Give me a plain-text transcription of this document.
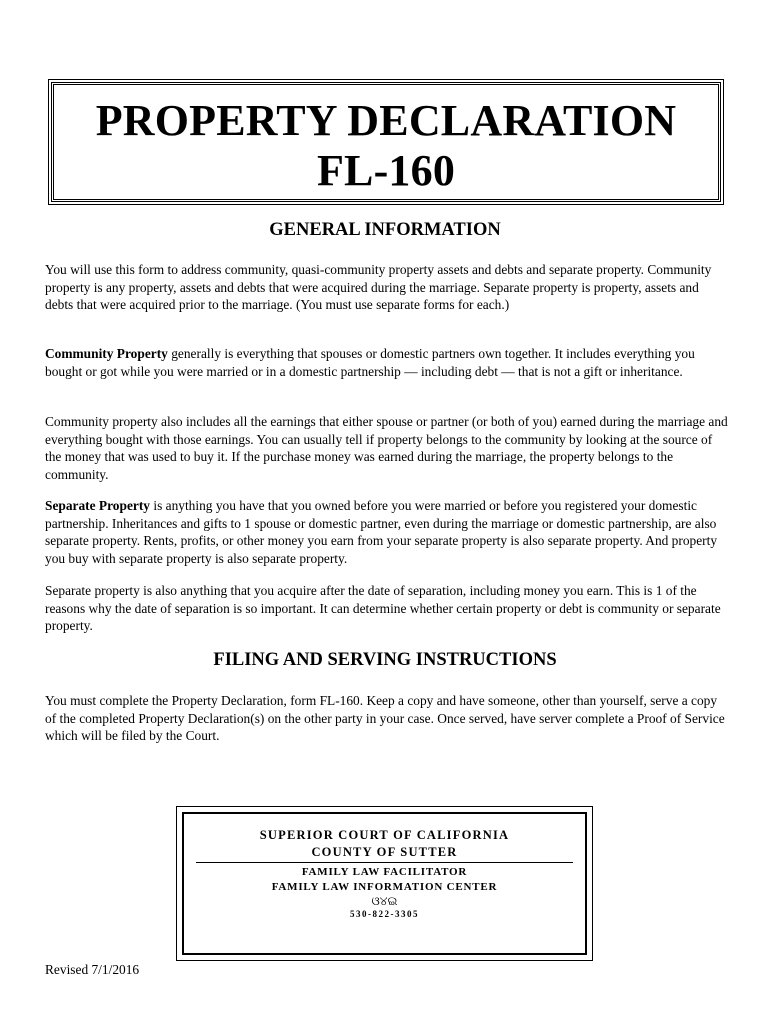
PROPERTY DECLARATION
FL-160
GENERAL INFORMATION

You will use this form to address community, quasi-community property assets and debts and separate property. Community property is any property, assets and debts that were acquired during the marriage. Separate property is property, assets and debts that were acquired prior to the marriage. (You must use separate forms for each.)

Community Property generally is everything that spouses or domestic partners own together. It includes everything you bought or got while you were married or in a domestic partnership — including debt — that is not a gift or inheritance.

Community property also includes all the earnings that either spouse or partner (or both of you) earned during the marriage and everything bought with those earnings. You can usually tell if property belongs to the community by looking at the source of the money that was used to buy it. If the purchase money was earned during the marriage, the property belongs to the community.

Separate Property is anything you have that you owned before you were married or before you registered your domestic partnership. Inheritances and gifts to 1 spouse or domestic partner, even during the marriage or domestic partnership, are also separate property. Rents, profits, or other money you earn from your separate property is also separate property. And property you buy with separate property is also separate property.

Separate property is also anything that you acquire after the date of separation, including money you earn. This is 1 of the reasons why the date of separation is so important. It can determine whether certain property or debt is community or separate property.

FILING AND SERVING INSTRUCTIONS

You must complete the Property Declaration, form FL-160. Keep a copy and have someone, other than yourself, serve a copy of the completed Property Declaration(s) on the other party in your case. Once served, have server complete a Proof of Service which will be filed by the Court.

SUPERIOR COURT OF CALIFORNIA
COUNTY OF SUTTER
FAMILY LAW FACILITATOR
FAMILY LAW INFORMATION CENTER
ଓ୪ଇ
530-822-3305
Revised 7/1/2016
